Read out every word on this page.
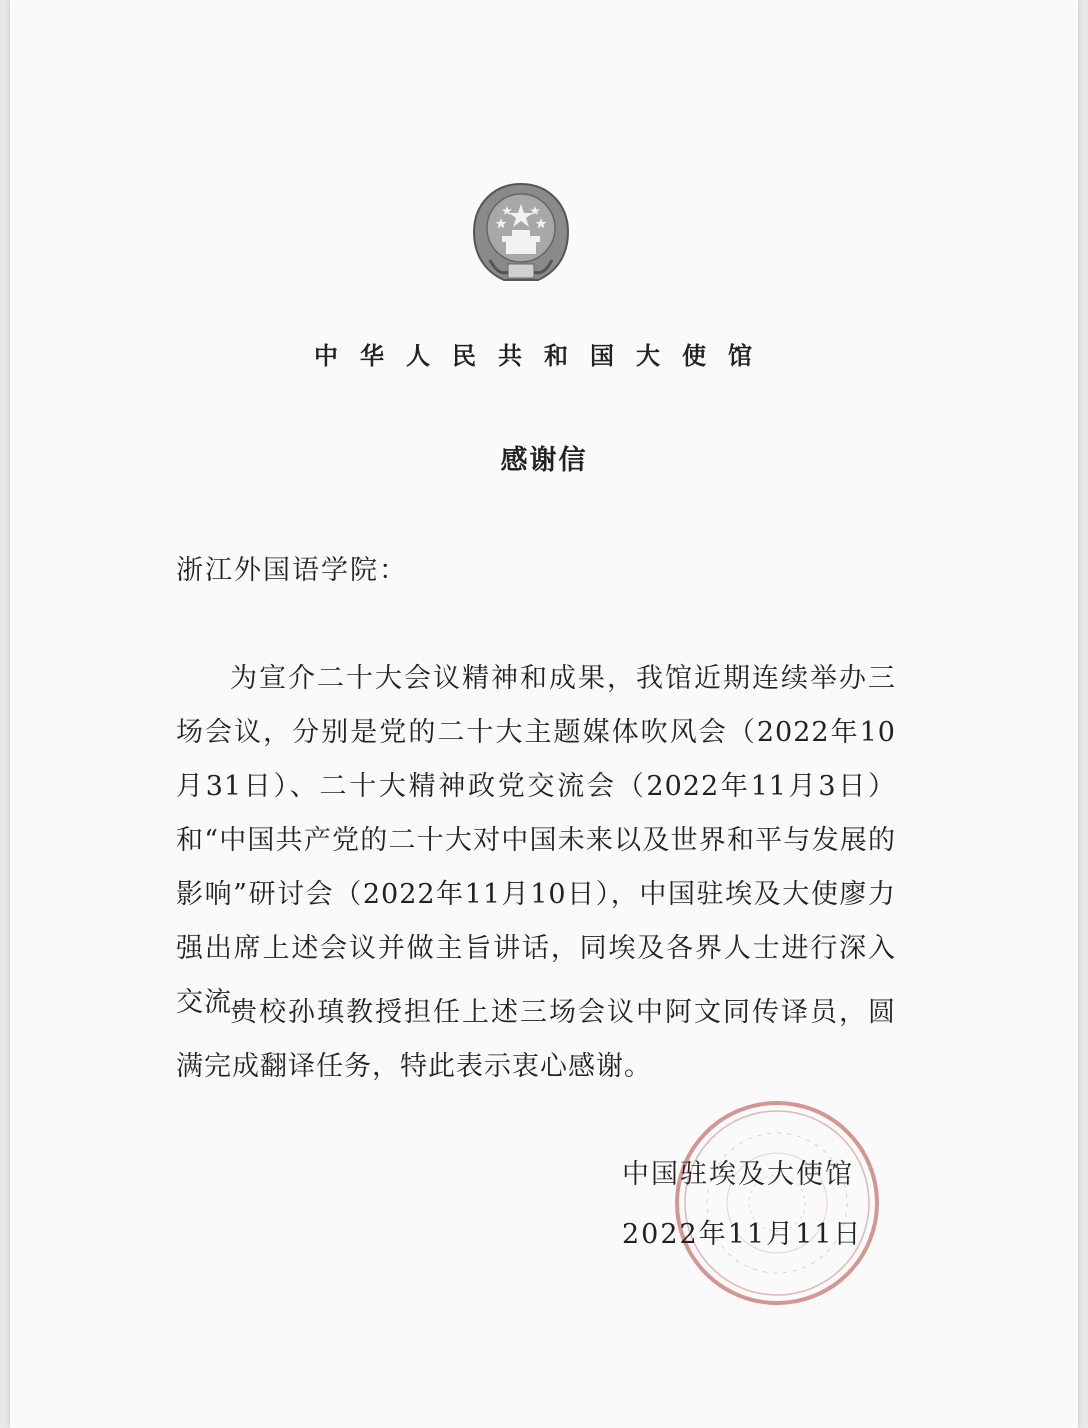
中华人民共和国大使馆
感谢信
浙江外国语学院：
为宣介二十大会议精神和成果，我馆近期连续举办三场会议，分别是党的二十大主题媒体吹风会（2022年10月31日）、二十大精神政党交流会（2022年11月3日）和“中国共产党的二十大对中国未来以及世界和平与发展的影响”研讨会（2022年11月10日），中国驻埃及大使廖力强出席上述会议并做主旨讲话，同埃及各界人士进行深入交流。
贵校孙瑱教授担任上述三场会议中阿文同传译员，圆满完成翻译任务，特此表示衷心感谢。
中国驻埃及大使馆
2022年11月11日
